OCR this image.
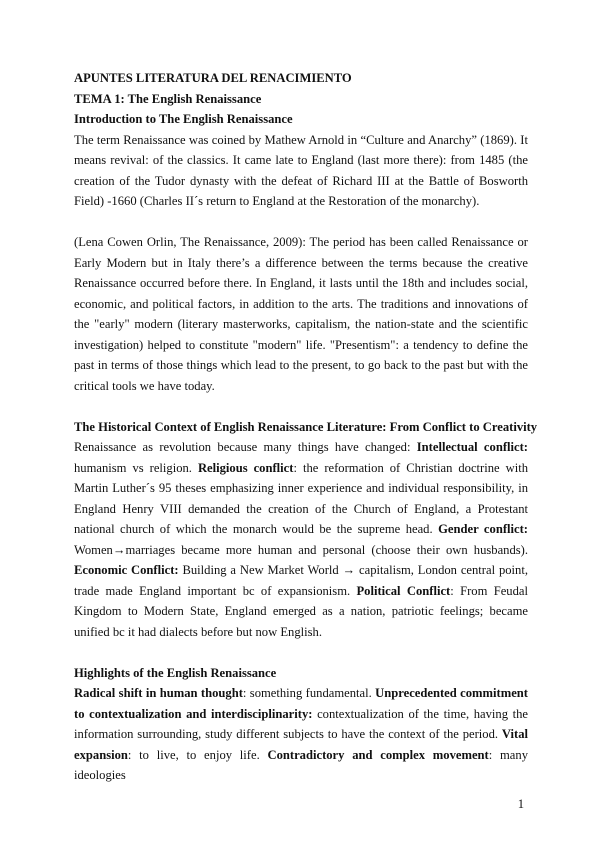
APUNTES LITERATURA DEL RENACIMIENTO
TEMA 1: The English Renaissance
Introduction to The English Renaissance

The term Renaissance was coined by Mathew Arnold in “Culture and Anarchy” (1869). It means revival: of the classics. It came late to England (last more there): from 1485 (the creation of the Tudor dynasty with the defeat of Richard III at the Battle of Bosworth Field) -1660 (Charles II´s return to England at the Restoration of the monarchy).

(Lena Cowen Orlin, The Renaissance, 2009): The period has been called Renaissance or Early Modern but in Italy there’s a difference between the terms because the creative Renaissance occurred before there. In England, it lasts until the 18th and includes social, economic, and political factors, in addition to the arts. The traditions and innovations of the "early" modern (literary masterworks, capitalism, the nation-state and the scientific investigation) helped to constitute "modern" life. "Presentism": a tendency to define the past in terms of those things which lead to the present, to go back to the past but with the critical tools we have today.

The Historical Context of English Renaissance Literature: From Conflict to Creativity

Renaissance as revolution because many things have changed: Intellectual conflict: humanism vs religion. Religious conflict: the reformation of Christian doctrine with Martin Luther´s 95 theses emphasizing inner experience and individual responsibility, in England Henry VIII demanded the creation of the Church of England, a Protestant national church of which the monarch would be the supreme head. Gender conflict: Women→marriages became more human and personal (choose their own husbands). Economic Conflict: Building a New Market World → capitalism, London central point, trade made England important bc of expansionism. Political Conflict: From Feudal Kingdom to Modern State, England emerged as a nation, patriotic feelings; became unified bc it had dialects before but now English.

Highlights of the English Renaissance

Radical shift in human thought: something fundamental. Unprecedented commitment to contextualization and interdisciplinarity: contextualization of the time, having the information surrounding, study different subjects to have the context of the period. Vital expansion: to live, to enjoy life. Contradictory and complex movement: many ideologies

1
